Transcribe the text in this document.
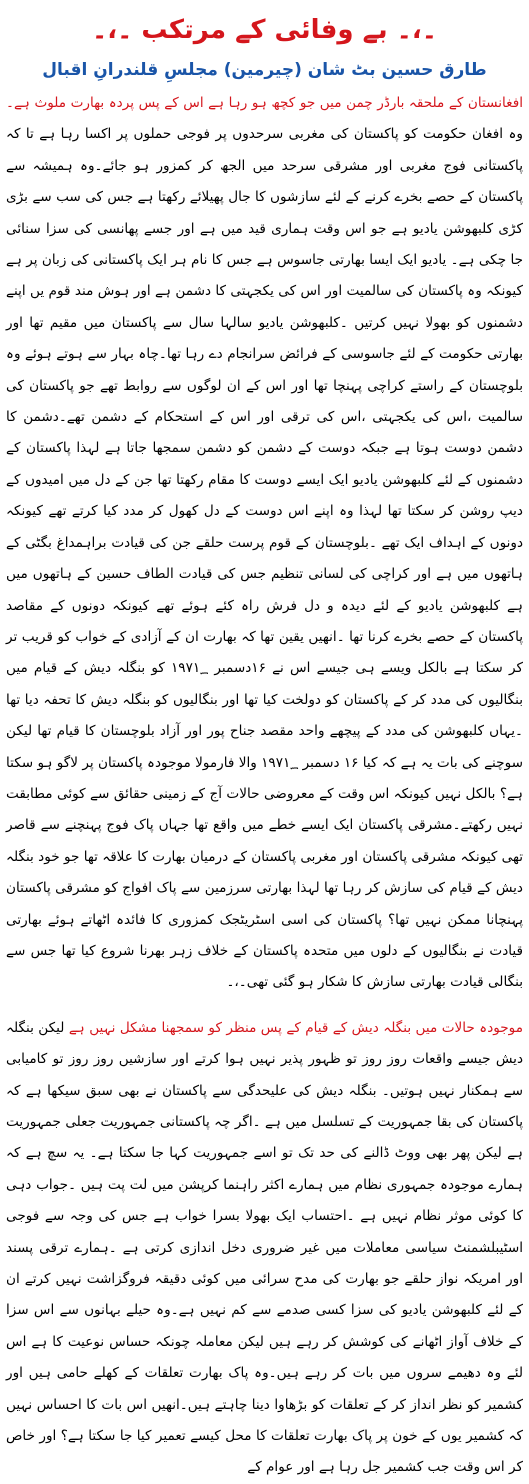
۔،۔ بے وفائی کے مرتکب ۔،۔
طارق حسین بٹ شان (چیرمین) مجلسِ قلندرانِ اقبال

افغانستان کے ملحقہ بارڈر چمن میں جو کچھ ہو رہا ہے اس کے پس پردہ بھارت ملوث ہے۔وہ افغان حکومت کو پاکستان کی مغربی سرحدوں پر فوجی حملوں پر اکسا رہا ہے تا کہ پاکستانی فوج مغربی اور مشرقی سرحد میں الجھ کر کمزور ہو جائے۔وہ ہمیشہ سے پاکستان کے حصے بخرے کرنے کے لئے سازشوں کا جال پھیلائے رکھتا ہے جس کی سب سے بڑی کڑی کلبھوشن یادیو ہے جو اس وقت ہماری قید میں ہے اور جسے پھانسی کی سزا سنائی جا چکی ہے۔ یادیو ایک ایسا بھارتی جاسوس ہے جس کا نام ہر ایک پاکستانی کی زبان پر ہے کیونکہ وہ پاکستان کی سالمیت اور اس کی یکجہتی کا دشمن ہے اور ہوش مند قوم یں اپنے دشمنوں کو بھولا نہیں کرتیں ۔کلبھوشن یادیو سالہا سال سے پاکستان میں مقیم تھا اور بھارتی حکومت کے لئے جاسوسی کے فرائض سرانجام دے رہا تھا۔چاہ بہار سے ہوتے ہوئے وہ بلوچستان کے راستے کراچی پہنچا تھا اور اس کے ان لوگوں سے روابط تھے جو پاکستان کی سالمیت ،اس کی یکجہتی ،اس کی ترقی اور اس کے استحکام کے دشمن تھے۔دشمن کا دشمن دوست ہوتا ہے جبکہ دوست کے دشمن کو دشمن سمجھا جاتا ہے لہذا پاکستان کے دشمنوں کے لئے کلبھوشن یادیو ایک ایسے دوست کا مقام رکھتا تھا جن کے دل میں امیدوں کے دیپ روشن کر سکتا تھا لہذا وہ اپنے اس دوست کے دل کھول کر مدد کیا کرتے تھے کیونکہ دونوں کے اہداف ایک تھے ۔بلوچستان کے قوم پرست حلقے جن کی قیادت براہمداغ بگٹی کے ہاتھوں میں ہے اور کراچی کی لسانی تنظیم جس کی قیادت الطاف حسین کے ہاتھوں میں ہے کلبھوشن یادیو کے لئے دیدہ و دل فرش راہ کئے ہوئے تھے کیونکہ دونوں کے مقاصد پاکستان کے حصے بخرے کرنا تھا ۔انھیں یقین تھا کہ بھارت ان کے آزادی کے خواب کو قریب تر کر سکتا ہے بالکل ویسے ہی جیسے اس نے ۱۶دسمبر ۱۹۷۱؁ کو بنگلہ دیش کے قیام میں بنگالیوں کی مدد کر کے پاکستان کو دولخت کیا تھا اور بنگالیوں کو بنگلہ دیش کا تحفہ دیا تھا ۔یہاں کلبھوشن کی مدد کے پیچھے واحد مقصد جناح پور اور آزاد بلوچستان کا قیام تھا لیکن سوچنے کی بات یہ ہے کہ کیا ۱۶ دسمبر ۱۹۷۱؁ والا فارمولا موجودہ پاکستان پر لاگو ہو سکتا ہے؟ بالکل نہیں کیونکہ اس وقت کے معروضی حالات آج کے زمینی حقائق سے کوئی مطابقت نہیں رکھتے۔مشرقی پاکستان ایک ایسے خطے میں واقع تھا جہاں پاک فوج پہنچنے سے قاصر تھی کیونکہ مشرقی پاکستان اور مغربی پاکستان کے درمیان بھارت کا علاقہ تھا جو خود بنگلہ دیش کے قیام کی سازش کر رہا تھا لہذا بھارتی سرزمین سے پاک افواج کو مشرقی پاکستان پہنچانا ممکن نہیں تھا؟ پاکستان کی اسی اسٹریٹجک کمزوری کا فائدہ اٹھاتے ہوئے بھارتی قیادت نے بنگالیوں کے دلوں میں متحدہ پاکستان کے خلاف زہر بھرنا شروع کیا تھا جس سے بنگالی قیادت بھارتی سازش کا شکار ہو گئی تھی۔،۔

موجودہ حالات میں بنگلہ دیش کے قیام کے پس منظر کو سمجھنا مشکل نہیں ہے لیکن بنگلہ دیش جیسے واقعات روز روز تو ظہور پذیر نہیں ہوا کرتے اور سازشیں روز روز تو کامیابی سے ہمکنار نہیں ہوتیں۔ بنگلہ دیش کی علیحدگی سے پاکستان نے بھی سبق سیکھا ہے کہ پاکستان کی بقا جمہوریت کے تسلسل میں ہے ۔اگر چہ پاکستانی جمہوریت جعلی جمہوریت ہے لیکن پھر بھی ووٹ ڈالنے کی حد تک تو اسے جمہوریت کہا جا سکتا ہے۔ یہ سچ ہے کہ ہمارے موجودہ جمہوری نظام میں ہمارے اکثر راہنما کرپشن میں لت پت ہیں ۔جواب دہی کا کوئی موثر نظام نہیں ہے ۔احتساب ایک بھولا بسرا خواب ہے جس کی وجہ سے فوجی اسٹیبلشمنٹ سیاسی معاملات میں غیر ضروری دخل اندازی کرتی ہے ۔ہمارے ترقی پسند اور امریکہ نواز حلقے جو بھارت کی مدح سرائی میں کوئی دقیقہ فروگزاشت نہیں کرتے ان کے لئے کلبھوشن یادیو کی سزا کسی صدمے سے کم نہیں ہے۔وہ حیلے بہانوں سے اس سزا کے خلاف آواز اٹھانے کی کوشش کر رہے ہیں لیکن معاملہ چونکہ حساس نوعیت کا ہے اس لئے وہ دھیمے سروں میں بات کر رہے ہیں۔وہ پاک بھارت تعلقات کے کھلے حامی ہیں اور کشمیر کو نظر انداز کر کے تعلقات کو بڑھاوا دینا چاہتے ہیں۔انھیں اس بات کا احساس نہیں کہ کشمیر یوں کے خون پر پاک بھارت تعلقات کا محل کیسے تعمیر کیا جا سکتا ہے؟ اور خاص کر اس وقت جب کشمیر جل رہا ہے اور عوام کے
